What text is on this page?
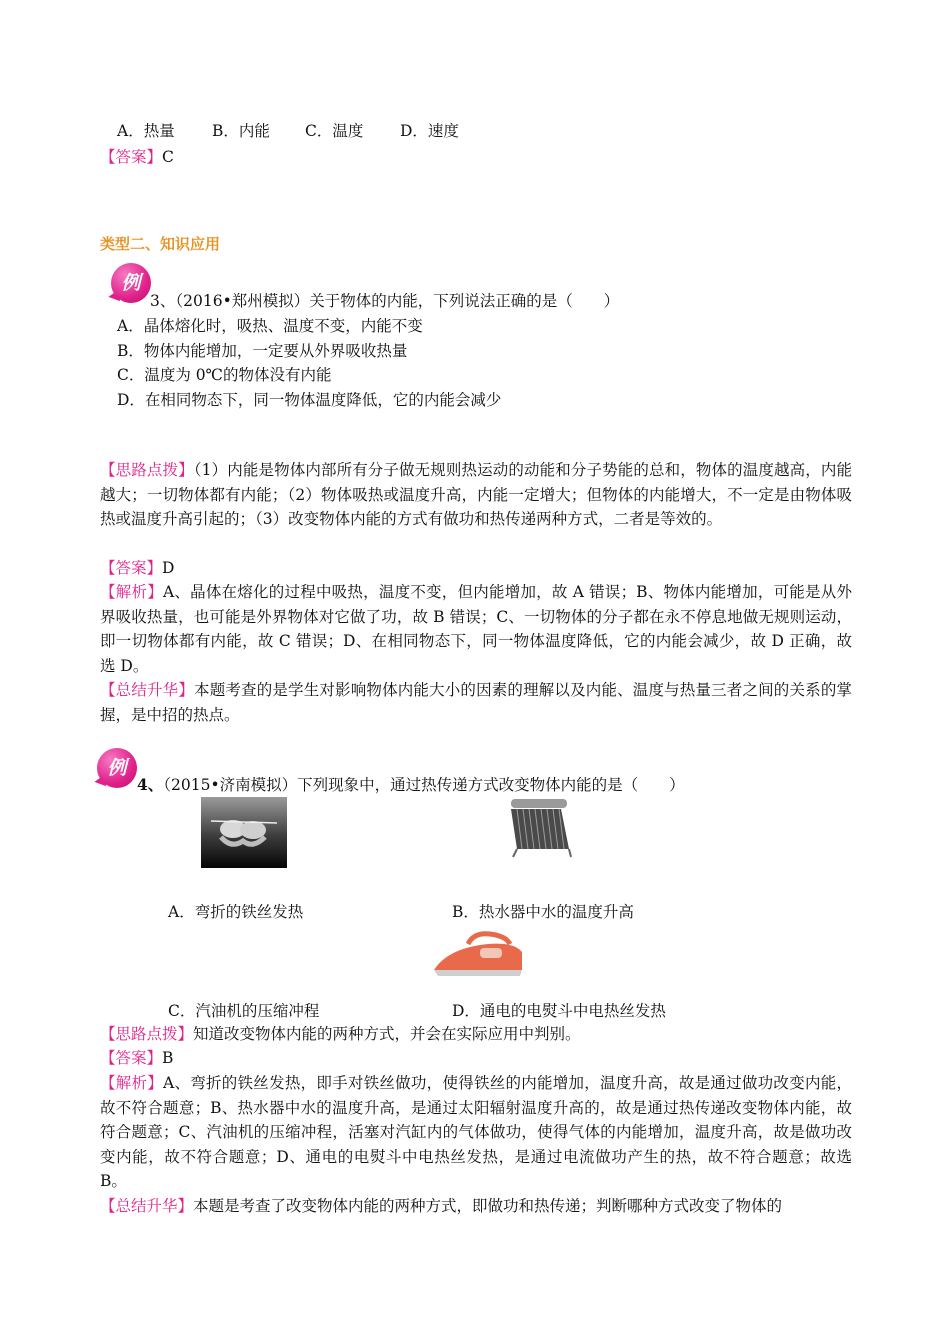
A．热量 B．内能 C．温度 D．速度
【答案】C
类型二、知识应用
例
3、（2016•郑州模拟）关于物体的内能，下列说法正确的是（　　）
A．晶体熔化时，吸热、温度不变，内能不变
B．物体内能增加，一定要从外界吸收热量
C．温度为 0℃的物体没有内能
D．在相同物态下，同一物体温度降低，它的内能会减少
【思路点拨】（1）内能是物体内部所有分子做无规则热运动的动能和分子势能的总和，物体的温度越高，内能越大；一切物体都有内能；（2）物体吸热或温度升高，内能一定增大；但物体的内能增大，不一定是由物体吸热或温度升高引起的；（3）改变物体内能的方式有做功和热传递两种方式，二者是等效的。
【答案】D
【解析】A、晶体在熔化的过程中吸热，温度不变，但内能增加，故 A 错误；B、物体内能增加，可能是从外界吸收热量，也可能是外界物体对它做了功，故 B 错误；C、一切物体的分子都在永不停息地做无规则运动，即一切物体都有内能，故 C 错误；D、在相同物态下，同一物体温度降低，它的内能会减少，故 D 正确，故选 D。
【总结升华】本题考查的是学生对影响物体内能大小的因素的理解以及内能、温度与热量三者之间的关系的掌握，是中招的热点。
例
4、（2015•济南模拟）下列现象中，通过热传递方式改变物体内能的是（　　）
A．弯折的铁丝发热	B．热水器中水的温度升高
C．汽油机的压缩冲程	D．通电的电熨斗中电热丝发热
【思路点拨】知道改变物体内能的两种方式，并会在实际应用中判别。
【答案】B
【解析】A、弯折的铁丝发热，即手对铁丝做功，使得铁丝的内能增加，温度升高，故是通过做功改变内能，故不符合题意；B、热水器中水的温度升高，是通过太阳辐射温度升高的，故是通过热传递改变物体内能，故符合题意；C、汽油机的压缩冲程，活塞对汽缸内的气体做功，使得气体的内能增加，温度升高，故是做功改变内能，故不符合题意；D、通电的电熨斗中电热丝发热，是通过电流做功产生的热，故不符合题意；故选 B。
【总结升华】本题是考查了改变物体内能的两种方式，即做功和热传递；判断哪种方式改变了物体的
